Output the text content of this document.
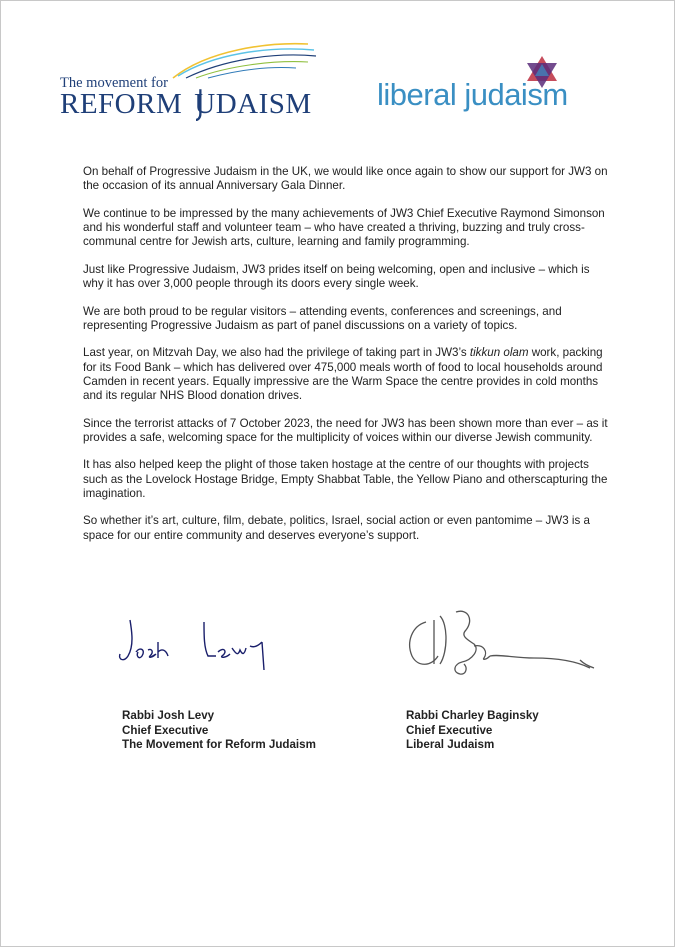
The movement for
REFORM UDAISM liberal judaism

On behalf of Progressive Judaism in the UK, we would like once again to show our support for JW3 on the occasion of its annual Anniversary Gala Dinner.

We continue to be impressed by the many achievements of JW3 Chief Executive Raymond Simonson and his wonderful staff and volunteer team – who have created a thriving, buzzing and truly cross-communal centre for Jewish arts, culture, learning and family programming.

Just like Progressive Judaism, JW3 prides itself on being welcoming, open and inclusive – which is why it has over 3,000 people through its doors every single week.

We are both proud to be regular visitors – attending events, conferences and screenings, and representing Progressive Judaism as part of panel discussions on a variety of topics.

Last year, on Mitzvah Day, we also had the privilege of taking part in JW3’s tikkun olam work, packing for its Food Bank – which has delivered over 475,000 meals worth of food to local households around Camden in recent years. Equally impressive are the Warm Space the centre provides in cold months and its regular NHS Blood donation drives.

Since the terrorist attacks of 7 October 2023, the need for JW3 has been shown more than ever – as it provides a safe, welcoming space for the multiplicity of voices within our diverse Jewish community.

It has also helped keep the plight of those taken hostage at the centre of our thoughts with projects such as the Lovelock Hostage Bridge, Empty Shabbat Table, the Yellow Piano and otherscapturing the imagination.

So whether it’s art, culture, film, debate, politics, Israel, social action or even pantomime – JW3 is a space for our entire community and deserves everyone’s support.

Rabbi Josh Levy
Chief Executive
The Movement for Reform Judaism
Rabbi Charley Baginsky
Chief Executive
Liberal Judaism
